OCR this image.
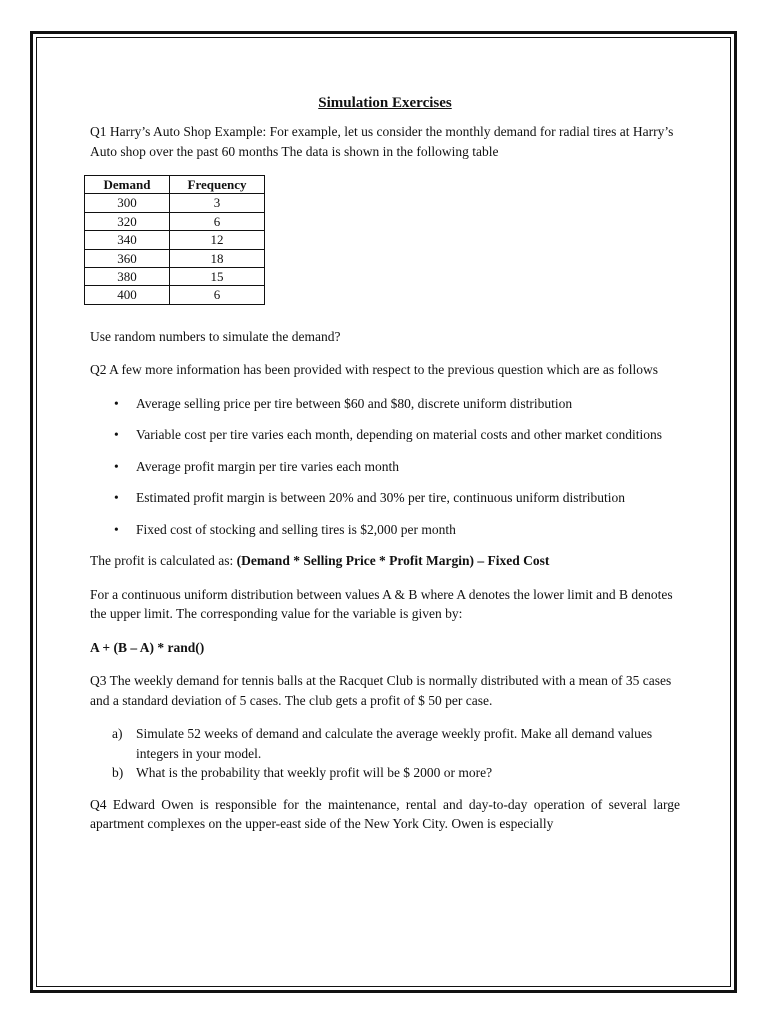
Simulation Exercises

Q1 Harry’s Auto Shop Example: For example, let us consider the monthly demand for radial tires at Harry’s Auto shop over the past 60 months The data is shown in the following table

Demand	Frequency
300	3
320	6
340	12
360	18
380	15
400	6

Use random numbers to simulate the demand?

Q2 A few more information has been provided with respect to the previous question which are as follows

• Average selling price per tire between $60 and $80, discrete uniform distribution
• Variable cost per tire varies each month, depending on material costs and other market conditions
• Average profit margin per tire varies each month
• Estimated profit margin is between 20% and 30% per tire, continuous uniform distribution
• Fixed cost of stocking and selling tires is $2,000 per month

The profit is calculated as: (Demand * Selling Price * Profit Margin) – Fixed Cost

For a continuous uniform distribution between values A & B where A denotes the lower limit and B denotes the upper limit. The corresponding value for the variable is given by:

A + (B – A) * rand()

Q3 The weekly demand for tennis balls at the Racquet Club is normally distributed with a mean of 35 cases and a standard deviation of 5 cases. The club gets a profit of $ 50 per case.

a) Simulate 52 weeks of demand and calculate the average weekly profit. Make all demand values integers in your model.
b) What is the probability that weekly profit will be $ 2000 or more?

Q4 Edward Owen is responsible for the maintenance, rental and day-to-day operation of several large apartment complexes on the upper-east side of the New York City. Owen is especially
